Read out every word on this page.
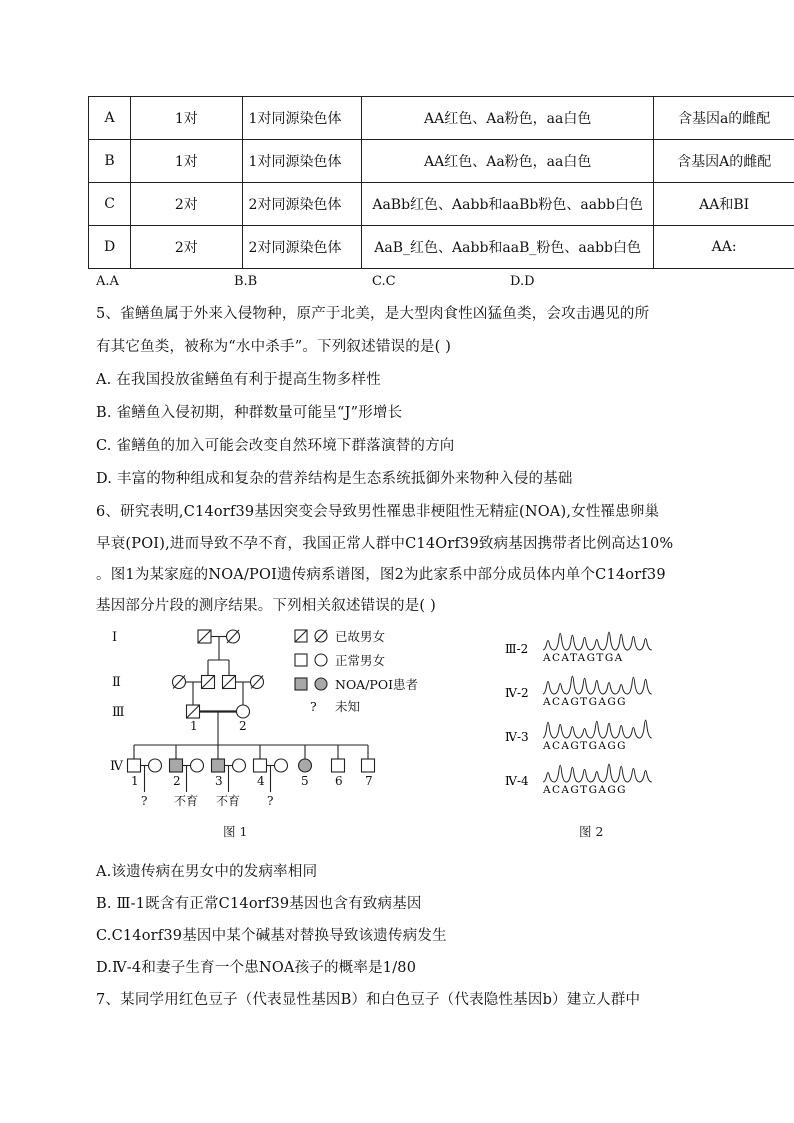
A	1对	1对同源染色体	AA红色、Aa粉色，aa白色	含基因a的雌配
B	1对	1对同源染色体	AA红色、Aa粉色，aa白色	含基因A的雌配
C	2对	2对同源染色体	AaBb红色、Aabb和aaBb粉色、aabb白色	AA和BI
D	2对	2对同源染色体	AaB_红色、Aabb和aaB_粉色、aabb白色	AA:
A.A	B.B	C.C	D.D
5、雀鳝鱼属于外来入侵物种，原产于北美，是大型肉食性凶猛鱼类，会攻击遇见的所
有其它鱼类，被称为“水中杀手”。下列叙述错误的是( )
A. 在我国投放雀鳝鱼有利于提高生物多样性
B. 雀鳝鱼入侵初期，种群数量可能呈“J”形增长
C. 雀鳝鱼的加入可能会改变自然环境下群落演替的方向
D. 丰富的物种组成和复杂的营养结构是生态系统抵御外来物种入侵的基础
6、研究表明,C14orf39基因突变会导致男性罹患非梗阻性无精症(NOA),女性罹患卵巢
早衰(POI),进而导致不孕不育，我国正常人群中C14Orf39致病基因携带者比例高达10%
。图1为某家庭的NOA/POI遗传病系谱图，图2为此家系中部分成员体内单个C14orf39
基因部分片段的测序结果。下列相关叙述错误的是( )
Ⅰ
Ⅱ
Ⅲ
Ⅳ
1	2
1	2	3	4	5 6 7
? 不育 不育 ?
已故男女
正常男女
NOA/POI患者
? 未知
图 1
Ⅲ-2
ACATAGTGA
Ⅳ-2
ACAGTGAGG
Ⅳ-3
ACAGTGAGG
Ⅳ-4
ACAGTGAGG
图 2
A.该遗传病在男女中的发病率相同
B. Ⅲ-1既含有正常C14orf39基因也含有致病基因
C.C14orf39基因中某个碱基对替换导致该遗传病发生
D.Ⅳ-4和妻子生育一个患NOA孩子的概率是1/80
7、某同学用红色豆子（代表显性基因B）和白色豆子（代表隐性基因b）建立人群中
